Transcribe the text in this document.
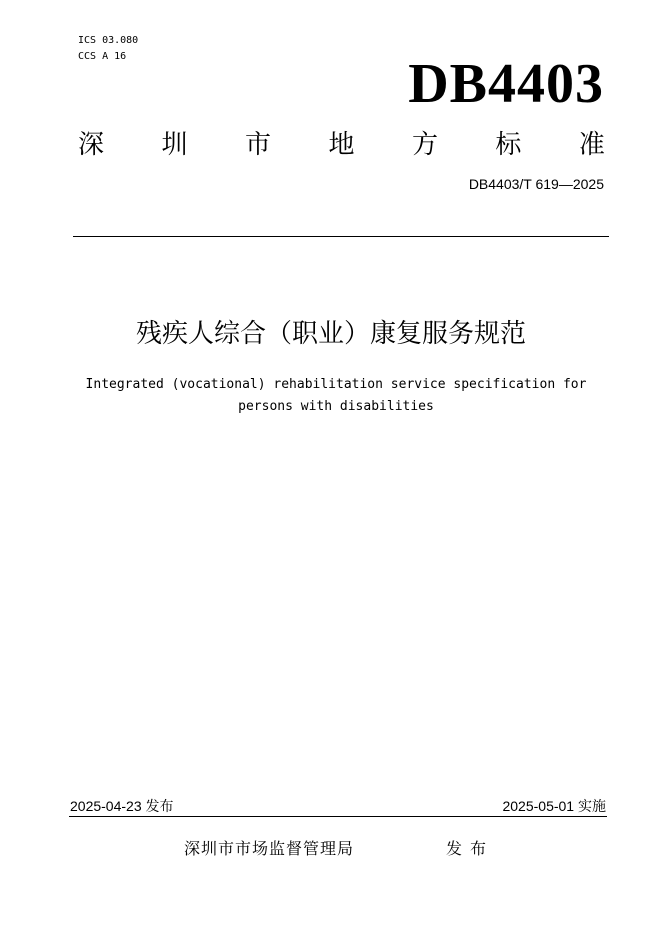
ICS 03.080
CCS A 16	DB4403
深 圳 市 地 方 标 准
DB4403/T 619—2025
残疾人综合（职业）康复服务规范
Integrated (vocational) rehabilitation service specification for
persons with disabilities
2025-04-23 发布	2025-05-01 实施
深圳市市场监督管理局	发布
